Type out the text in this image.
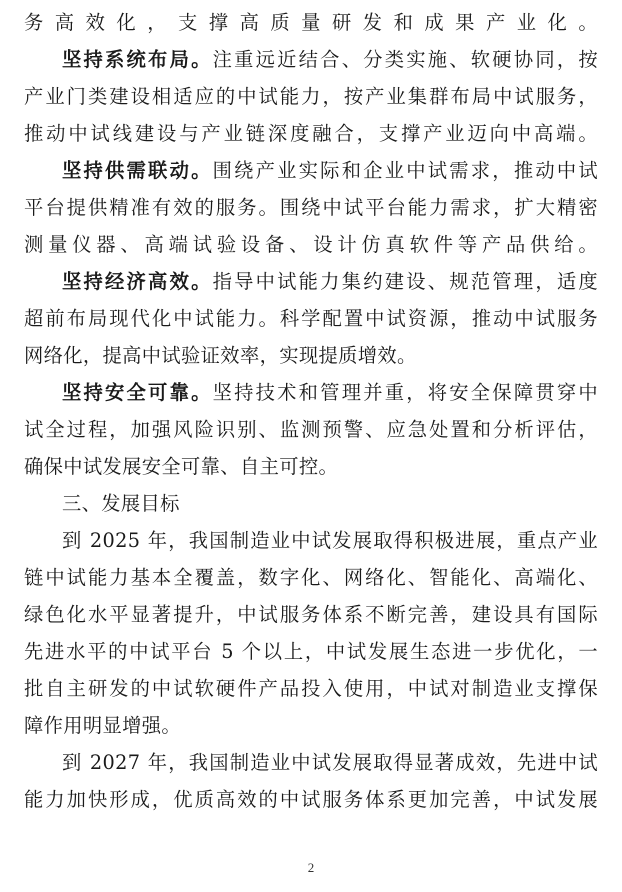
务高效化，支撑高质量研发和成果产业化。
坚持系统布局。注重远近结合、分类实施、软硬协同，按
产业门类建设相适应的中试能力，按产业集群布局中试服务，
推动中试线建设与产业链深度融合，支撑产业迈向中高端。
坚持供需联动。围绕产业实际和企业中试需求，推动中试
平台提供精准有效的服务。围绕中试平台能力需求，扩大精密
测量仪器、高端试验设备、设计仿真软件等产品供给。
坚持经济高效。指导中试能力集约建设、规范管理，适度
超前布局现代化中试能力。科学配置中试资源，推动中试服务
网络化，提高中试验证效率，实现提质增效。
坚持安全可靠。坚持技术和管理并重，将安全保障贯穿中
试全过程，加强风险识别、监测预警、应急处置和分析评估，
确保中试发展安全可靠、自主可控。
三、发展目标
到 2025 年，我国制造业中试发展取得积极进展，重点产业
链中试能力基本全覆盖，数字化、网络化、智能化、高端化、
绿色化水平显著提升，中试服务体系不断完善，建设具有国际
先进水平的中试平台 5 个以上，中试发展生态进一步优化，一
批自主研发的中试软硬件产品投入使用，中试对制造业支撑保
障作用明显增强。
到 2027 年，我国制造业中试发展取得显著成效，先进中试
能力加快形成，优质高效的中试服务体系更加完善，中试发展
2
